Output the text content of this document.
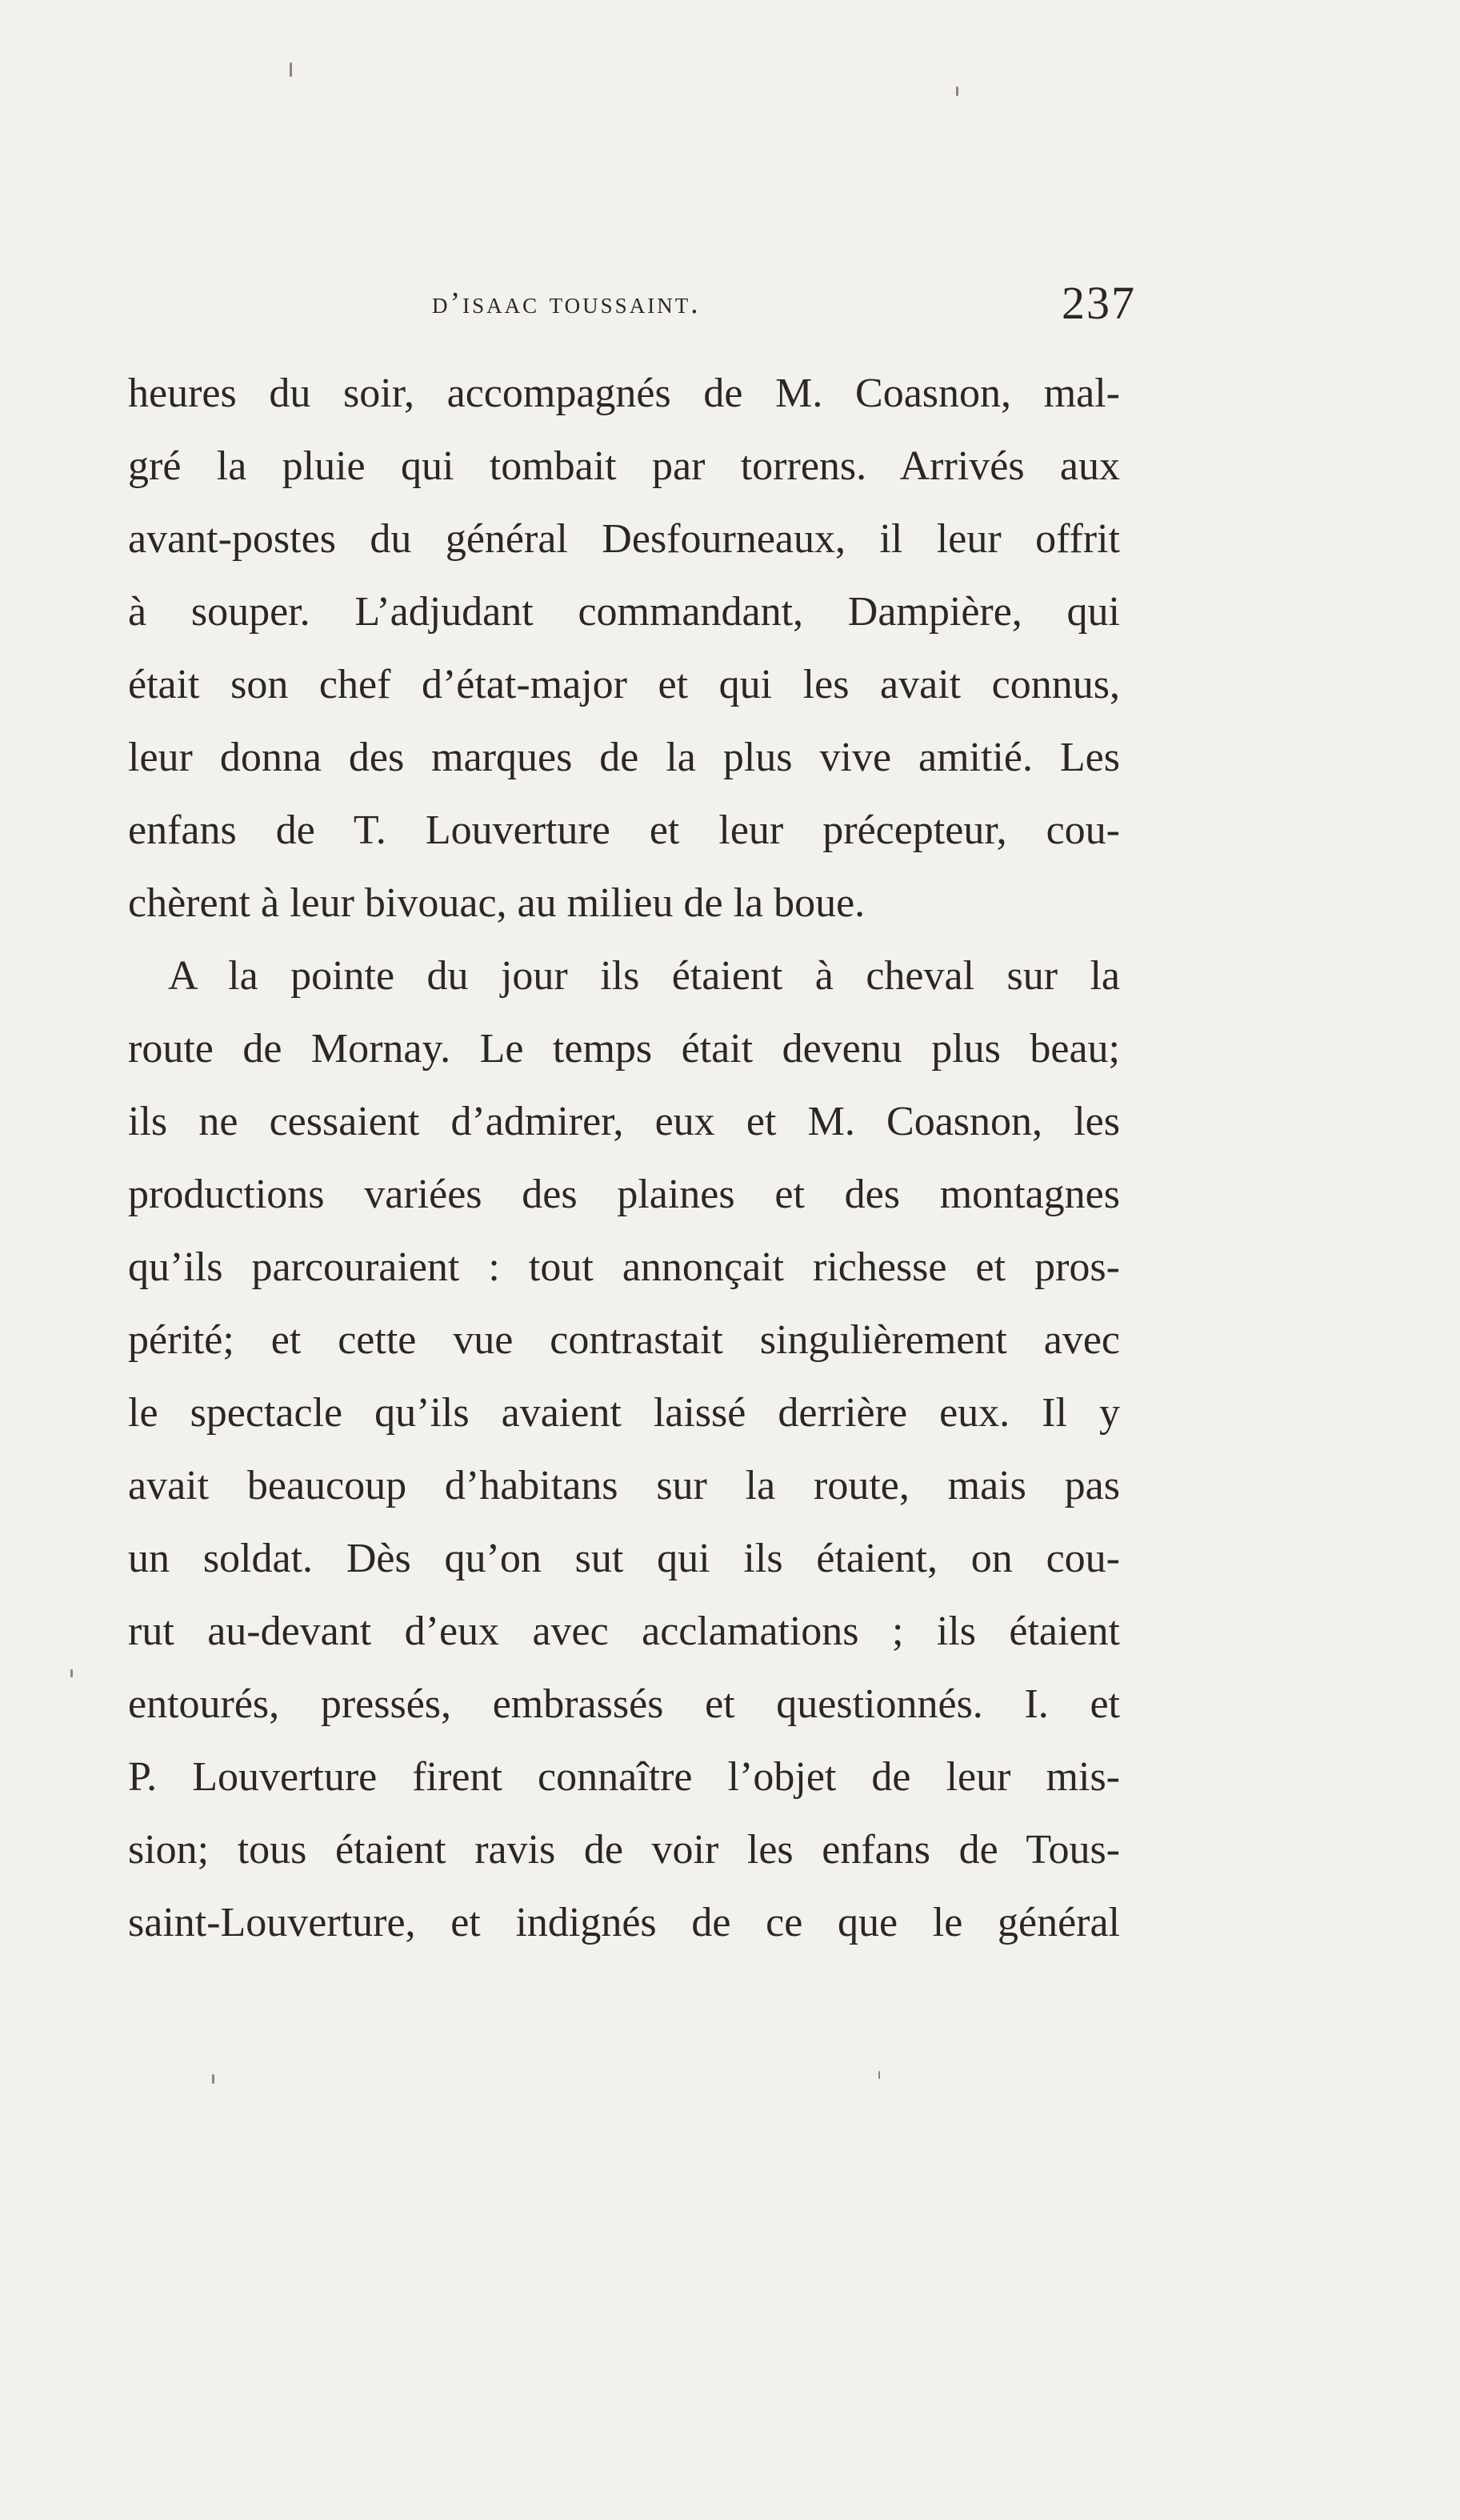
d’isaac toussaint.	237
heures du soir, accompagnés de M. Coasnon, mal-
gré la pluie qui tombait par torrens. Arrivés aux
avant-postes du général Desfourneaux, il leur offrit
à souper. L’adjudant commandant, Dampière, qui
était son chef d’état-major et qui les avait connus,
leur donna des marques de la plus vive amitié. Les
enfans de T. Louverture et leur précepteur, cou-
chèrent à leur bivouac, au milieu de la boue.
A la pointe du jour ils étaient à cheval sur la
route de Mornay. Le temps était devenu plus beau;
ils ne cessaient d’admirer, eux et M. Coasnon, les
productions variées des plaines et des montagnes
qu’ils parcouraient : tout annonçait richesse et pros-
périté; et cette vue contrastait singulièrement avec
le spectacle qu’ils avaient laissé derrière eux. Il y
avait beaucoup d’habitans sur la route, mais pas
un soldat. Dès qu’on sut qui ils étaient, on cou-
rut au-devant d’eux avec acclamations ; ils étaient
entourés, pressés, embrassés et questionnés. I. et
P. Louverture firent connaître l’objet de leur mis-
sion; tous étaient ravis de voir les enfans de Tous-
saint-Louverture, et indignés de ce que le général
